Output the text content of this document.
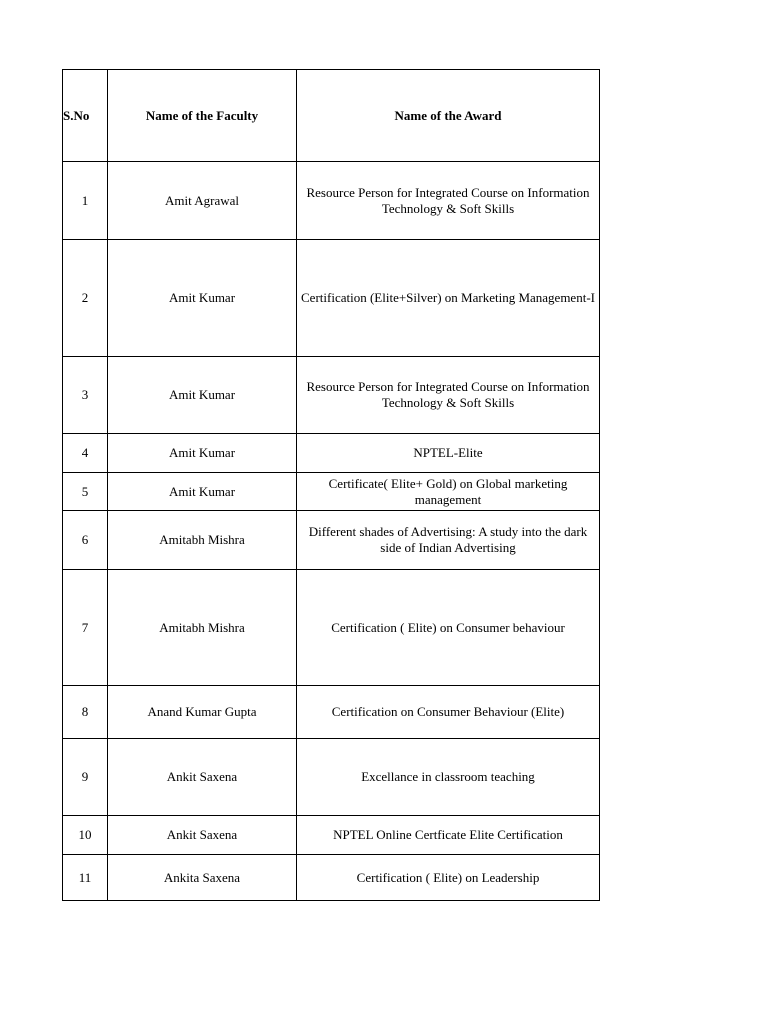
S.No	Name of the Faculty	Name of the Award
1	Amit Agrawal	Resource Person for Integrated Course on Information Technology & Soft Skills
2	Amit Kumar	Certification (Elite+Silver) on Marketing Management-I
3	Amit Kumar	Resource Person for Integrated Course on Information Technology & Soft Skills
4	Amit Kumar	NPTEL-Elite
5	Amit Kumar	Certificate( Elite+ Gold) on Global marketing management
6	Amitabh Mishra	Different shades of Advertising: A study into the dark side of Indian Advertising
7	Amitabh Mishra	Certification ( Elite) on Consumer behaviour
8	Anand Kumar Gupta	Certification on Consumer Behaviour (Elite)
9	Ankit Saxena	Excellance in classroom teaching
10	Ankit Saxena	NPTEL Online Certficate Elite Certification
11	Ankita Saxena	Certification ( Elite) on Leadership
